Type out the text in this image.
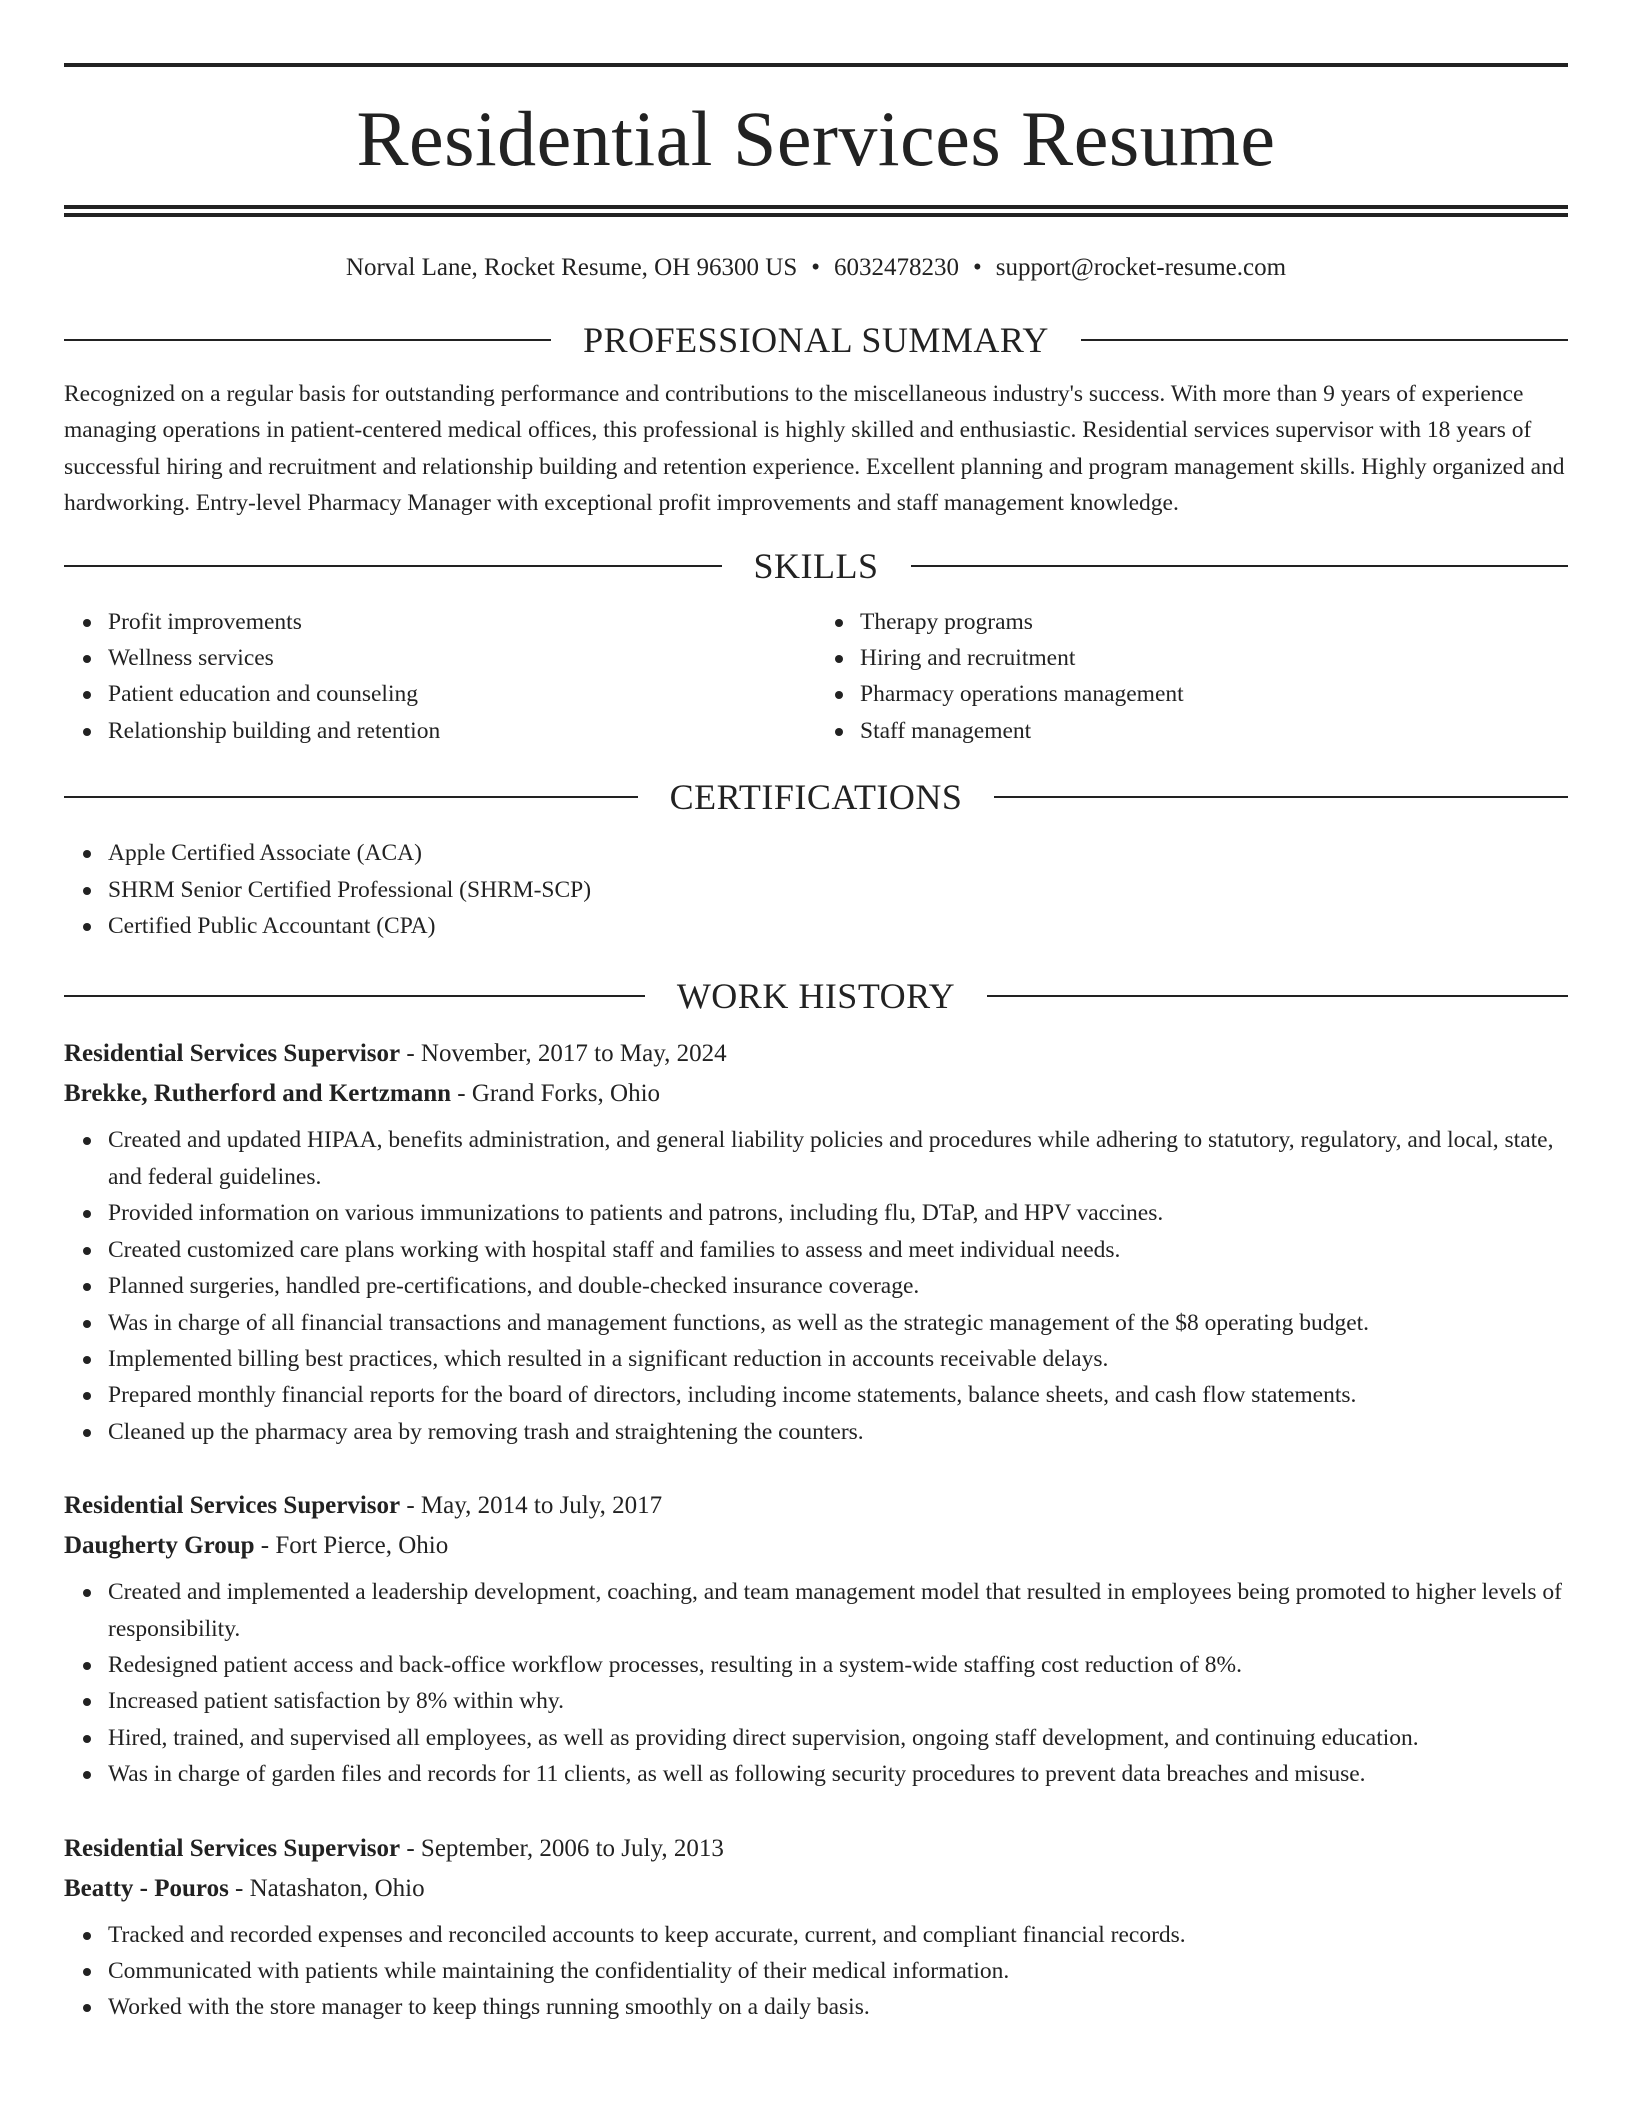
Residential Services Resume
Norval Lane, Rocket Resume, OH 96300 US • 6032478230 • support@rocket-resume.com
PROFESSIONAL SUMMARY
Recognized on a regular basis for outstanding performance and contributions to the miscellaneous industry's success. With more than 9 years of experience managing operations in patient-centered medical offices, this professional is highly skilled and enthusiastic. Residential services supervisor with 18 years of successful hiring and recruitment and relationship building and retention experience. Excellent planning and program management skills. Highly organized and hardworking. Entry-level Pharmacy Manager with exceptional profit improvements and staff management knowledge.
SKILLS
Profit improvements
Wellness services
Patient education and counseling
Relationship building and retention
Therapy programs
Hiring and recruitment
Pharmacy operations management
Staff management
CERTIFICATIONS
Apple Certified Associate (ACA)
SHRM Senior Certified Professional (SHRM-SCP)
Certified Public Accountant (CPA)
WORK HISTORY
Residential Services Supervisor - November, 2017 to May, 2024
Brekke, Rutherford and Kertzmann - Grand Forks, Ohio
Created and updated HIPAA, benefits administration, and general liability policies and procedures while adhering to statutory, regulatory, and local, state, and federal guidelines.
Provided information on various immunizations to patients and patrons, including flu, DTaP, and HPV vaccines.
Created customized care plans working with hospital staff and families to assess and meet individual needs.
Planned surgeries, handled pre-certifications, and double-checked insurance coverage.
Was in charge of all financial transactions and management functions, as well as the strategic management of the $8 operating budget.
Implemented billing best practices, which resulted in a significant reduction in accounts receivable delays.
Prepared monthly financial reports for the board of directors, including income statements, balance sheets, and cash flow statements.
Cleaned up the pharmacy area by removing trash and straightening the counters.
Residential Services Supervisor - May, 2014 to July, 2017
Daugherty Group - Fort Pierce, Ohio
Created and implemented a leadership development, coaching, and team management model that resulted in employees being promoted to higher levels of responsibility.
Redesigned patient access and back-office workflow processes, resulting in a system-wide staffing cost reduction of 8%.
Increased patient satisfaction by 8% within why.
Hired, trained, and supervised all employees, as well as providing direct supervision, ongoing staff development, and continuing education.
Was in charge of garden files and records for 11 clients, as well as following security procedures to prevent data breaches and misuse.
Residential Services Supervisor - September, 2006 to July, 2013
Beatty - Pouros - Natashaton, Ohio
Tracked and recorded expenses and reconciled accounts to keep accurate, current, and compliant financial records.
Communicated with patients while maintaining the confidentiality of their medical information.
Worked with the store manager to keep things running smoothly on a daily basis.
